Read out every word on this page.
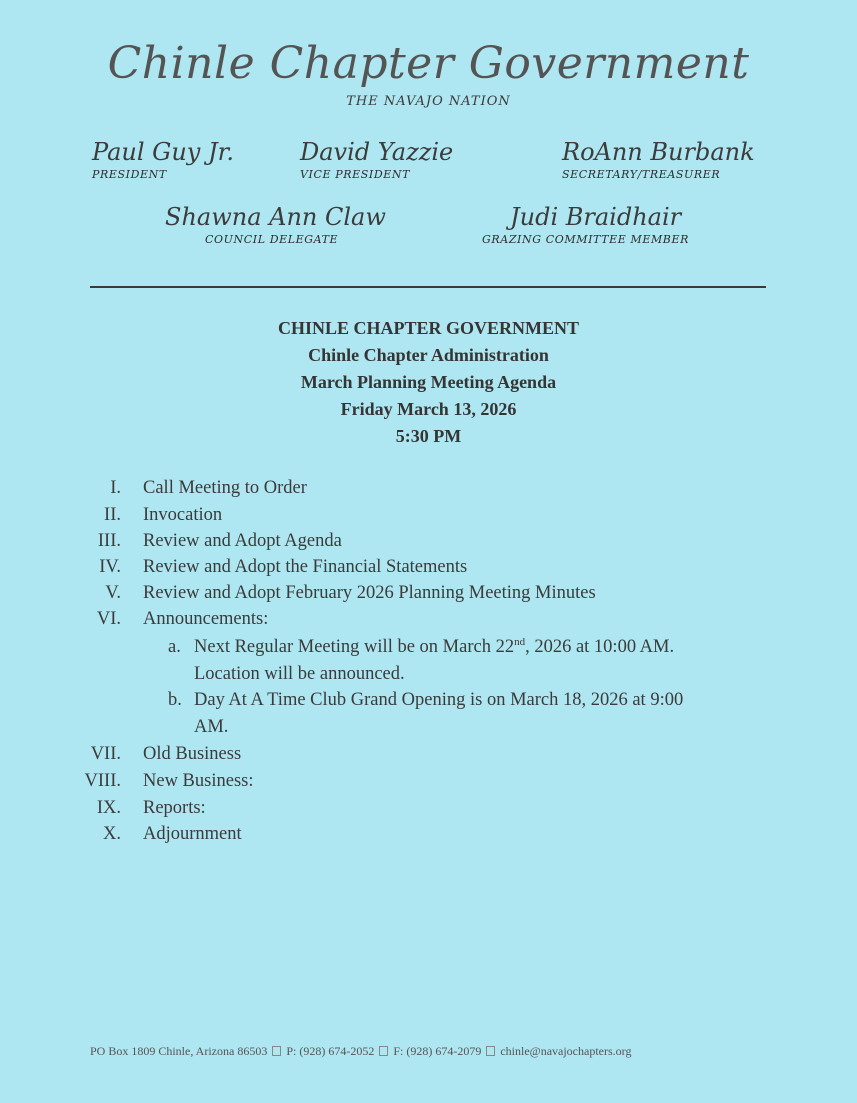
Chinle Chapter Government
THE NAVAJO NATION
Paul Guy Jr.
PRESIDENT
David Yazzie
VICE PRESIDENT
RoAnn Burbank
SECRETARY/TREASURER
Shawna Ann Claw
COUNCIL DELEGATE
Judi Braidhair
GRAZING COMMITTEE MEMBER
CHINLE CHAPTER GOVERNMENT
Chinle Chapter Administration
March Planning Meeting Agenda
Friday March 13, 2026
5:30 PM
I. Call Meeting to Order
II. Invocation
III. Review and Adopt Agenda
IV. Review and Adopt the Financial Statements
V. Review and Adopt February 2026 Planning Meeting Minutes
VI. Announcements:
a. Next Regular Meeting will be on March 22nd, 2026 at 10:00 AM.
Location will be announced.
b. Day At A Time Club Grand Opening is on March 18, 2026 at 9:00
AM.
VII. Old Business
VIII. New Business:
IX. Reports:
X. Adjournment
PO Box 1809 Chinle, Arizona 86503 P: (928) 674-2052 F: (928) 674-2079 chinle@navajochapters.org
